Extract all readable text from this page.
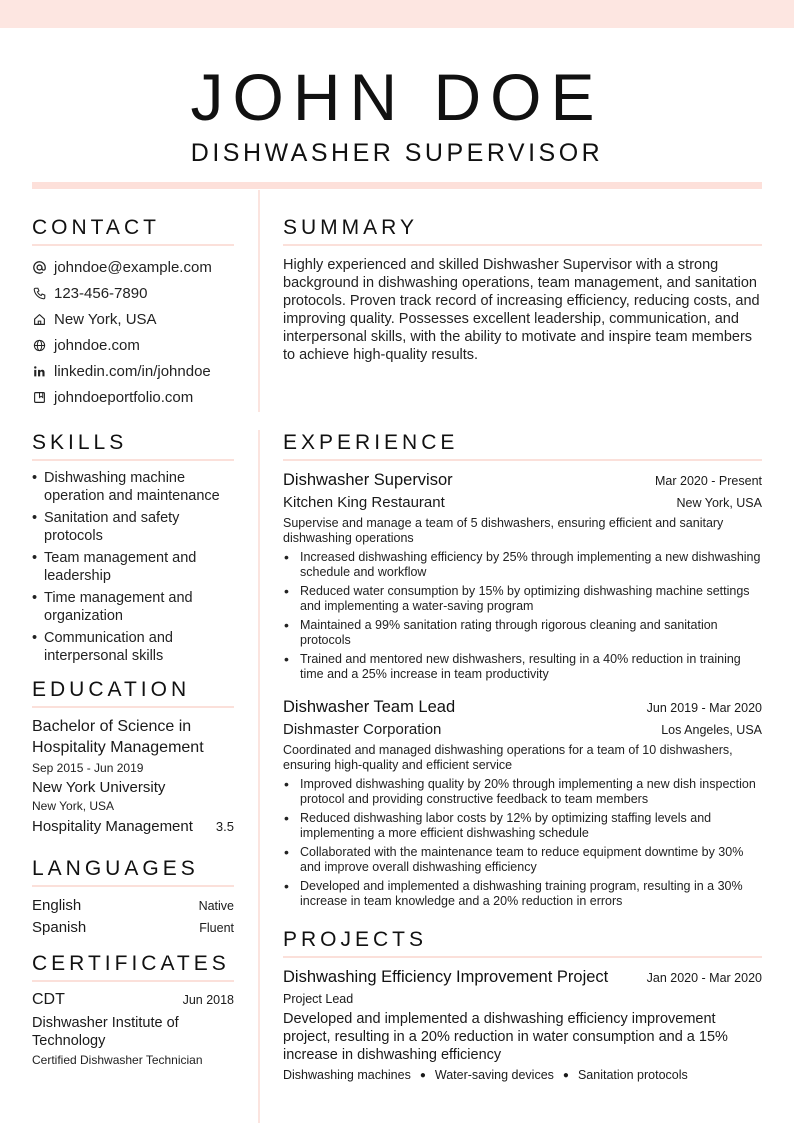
JOHN DOE
DISHWASHER SUPERVISOR
CONTACT
johndoe@example.com
123-456-7890
New York, USA
johndoe.com
linkedin.com/in/johndoe
johndoeportfolio.com
SUMMARY
Highly experienced and skilled Dishwasher Supervisor with a strong background in dishwashing operations, team management, and sanitation protocols. Proven track record of increasing efficiency, reducing costs, and improving quality. Possesses excellent leadership, communication, and interpersonal skills, with the ability to motivate and inspire team members to achieve high-quality results.
SKILLS
• Dishwashing machine operation and maintenance
• Sanitation and safety protocols
• Team management and leadership
• Time management and organization
• Communication and interpersonal skills
EDUCATION
Bachelor of Science in Hospitality Management
Sep 2015 - Jun 2019
New York University
New York, USA
Hospitality Management 3.5
LANGUAGES
English	Native
Spanish	Fluent
CERTIFICATES
CDT	Jun 2018
Dishwasher Institute of Technology
Certified Dishwasher Technician
EXPERIENCE
Dishwasher Supervisor	Mar 2020 - Present
Kitchen King Restaurant	New York, USA
Supervise and manage a team of 5 dishwashers, ensuring efficient and sanitary dishwashing operations
• Increased dishwashing efficiency by 25% through implementing a new dishwashing schedule and workflow
• Reduced water consumption by 15% by optimizing dishwashing machine settings and implementing a water-saving program
• Maintained a 99% sanitation rating through rigorous cleaning and sanitation protocols
• Trained and mentored new dishwashers, resulting in a 40% reduction in training time and a 25% increase in team productivity
Dishwasher Team Lead	Jun 2019 - Mar 2020
Dishmaster Corporation	Los Angeles, USA
Coordinated and managed dishwashing operations for a team of 10 dishwashers, ensuring high-quality and efficient service
• Improved dishwashing quality by 20% through implementing a new dish inspection protocol and providing constructive feedback to team members
• Reduced dishwashing labor costs by 12% by optimizing staffing levels and implementing a more efficient dishwashing schedule
• Collaborated with the maintenance team to reduce equipment downtime by 30% and improve overall dishwashing efficiency
• Developed and implemented a dishwashing training program, resulting in a 30% increase in team knowledge and a 20% reduction in errors
PROJECTS
Dishwashing Efficiency Improvement Project	Jan 2020 - Mar 2020
Project Lead
Developed and implemented a dishwashing efficiency improvement project, resulting in a 20% reduction in water consumption and a 15% increase in dishwashing efficiency
Dishwashing machines ● Water-saving devices ● Sanitation protocols
